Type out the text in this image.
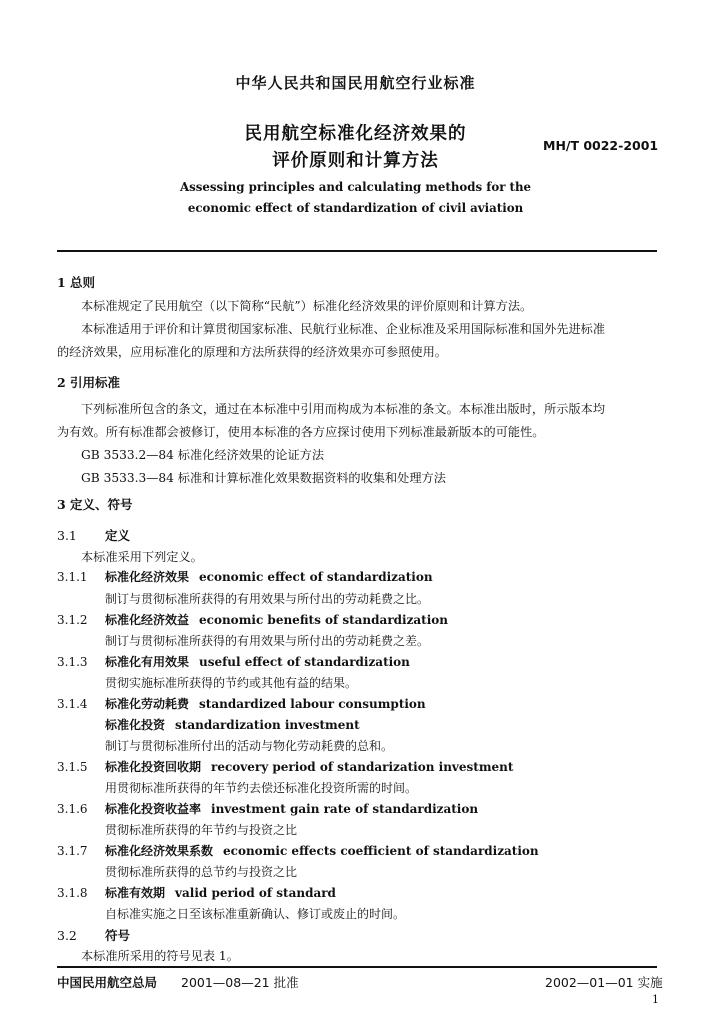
中华人民共和国民用航空行业标准
民用航空标准化经济效果的
评价原则和计算方法
MH/T 0022-2001
Assessing principles and calculating methods for the
economic effect of standardization of civil aviation
1 总则
本标准规定了民用航空（以下简称“民航”）标准化经济效果的评价原则和计算方法。
本标准适用于评价和计算贯彻国家标准、民航行业标准、企业标准及采用国际标准和国外先进标准
的经济效果，应用标准化的原理和方法所获得的经济效果亦可参照使用。
2 引用标准
下列标准所包含的条文，通过在本标准中引用而构成为本标准的条文。本标准出版时，所示版本均
为有效。所有标准都会被修订，使用本标准的各方应探讨使用下列标准最新版本的可能性。
GB 3533.2—84 标准化经济效果的论证方法
GB 3533.3—84 标准和计算标准化效果数据资料的收集和处理方法
3 定义、符号
3.1 定义
本标准采用下列定义。
3.1.1 标准化经济效果 economic effect of standardization
制订与贯彻标准所获得的有用效果与所付出的劳动耗费之比。
3.1.2 标准化经济效益 economic benefits of standardization
制订与贯彻标准所获得的有用效果与所付出的劳动耗费之差。
3.1.3 标准化有用效果 useful effect of standardization
贯彻实施标准所获得的节约或其他有益的结果。
3.1.4 标准化劳动耗费 standardized labour consumption
标准化投资 standardization investment
制订与贯彻标准所付出的活动与物化劳动耗费的总和。
3.1.5 标准化投资回收期 recovery period of standarization investment
用贯彻标准所获得的年节约去偿还标准化投资所需的时间。
3.1.6 标准化投资收益率 investment gain rate of standardization
贯彻标准所获得的年节约与投资之比
3.1.7 标准化经济效果系数 economic effects coefficient of standardization
贯彻标准所获得的总节约与投资之比
3.1.8 标准有效期 valid period of standard
自标准实施之日至该标准重新确认、修订或废止的时间。
3.2 符号
本标准所采用的符号见表 1。
中国民用航空总局 2001—08—21 批准	2002—01—01 实施
1
